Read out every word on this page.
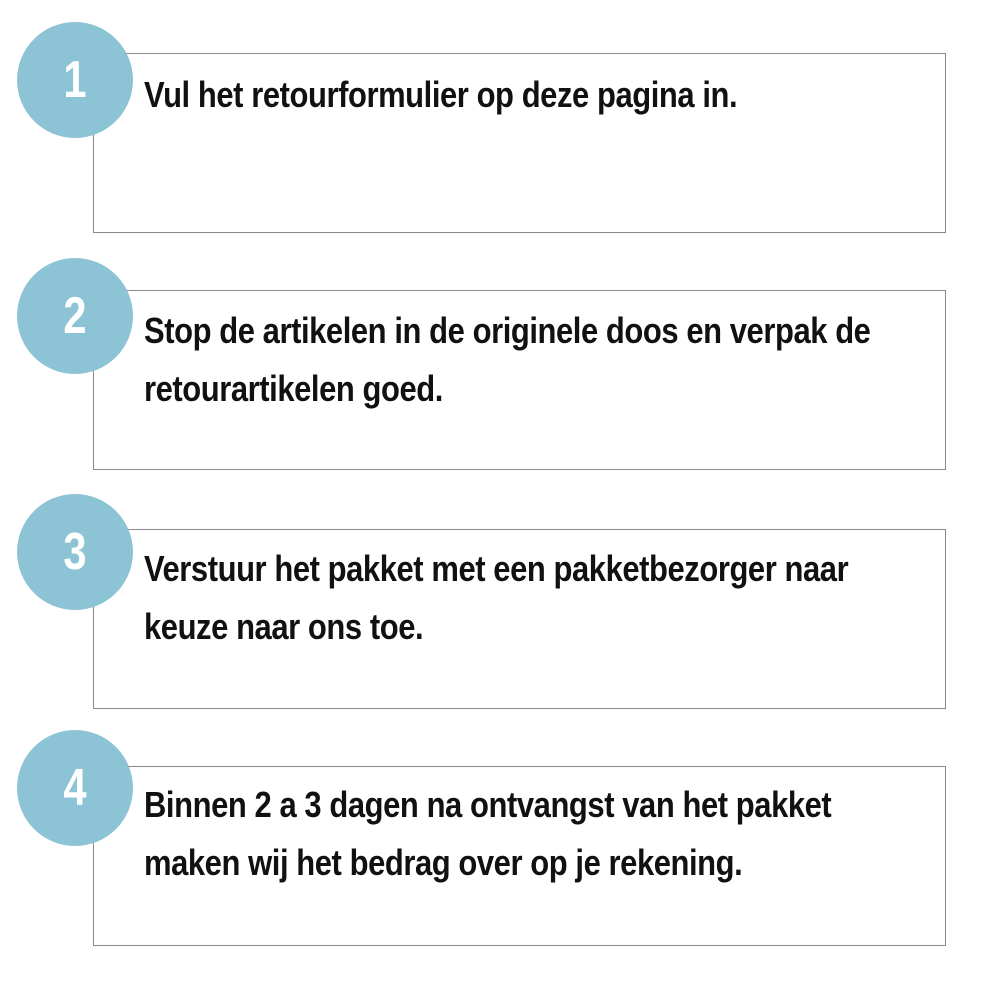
1	Vul het retourformulier op deze pagina in.
2	Stop de artikelen in de originele doos en verpak de retourartikelen goed.
3	Verstuur het pakket met een pakketbezorger naar keuze naar ons toe.
4	Binnen 2 a 3 dagen na ontvangst van het pakket maken wij het bedrag over op je rekening.
